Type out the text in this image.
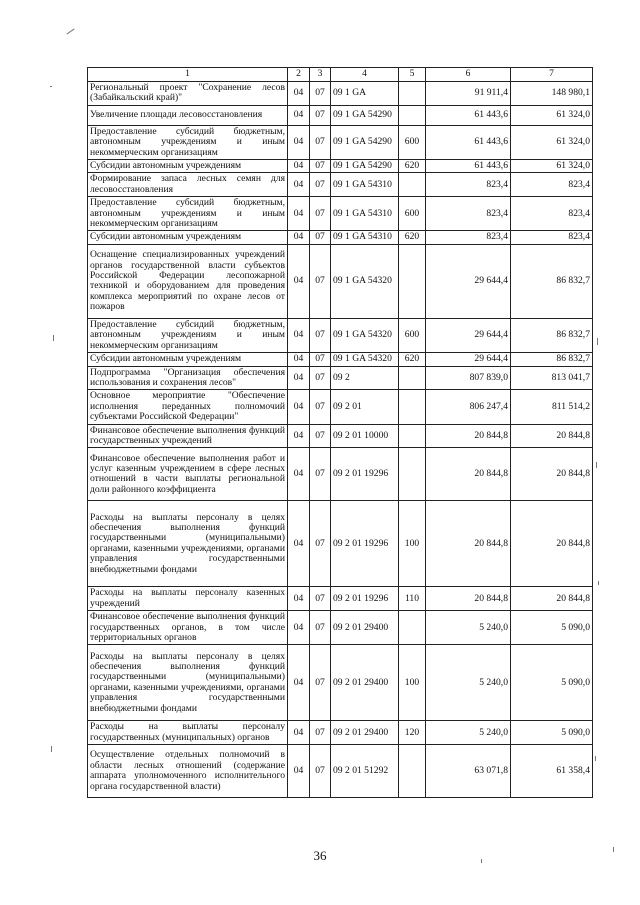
1	2	3	4	5	6	7
Региональный проект "Сохранение лесов (Забайкальский край)"	04	07	09 1 GA		91 911,4	148 980,1
Увеличение площади лесовосстановления	04	07	09 1 GA 54290		61 443,6	61 324,0
Предоставление субсидий бюджетным, автономным учреждениям и иным некоммерческим организациям	04	07	09 1 GA 54290	600	61 443,6	61 324,0
Субсидии автономным учреждениям	04	07	09 1 GA 54290	620	61 443,6	61 324,0
Формирование запаса лесных семян для лесовосстановления	04	07	09 1 GA 54310		823,4	823,4
Предоставление субсидий бюджетным, автономным учреждениям и иным некоммерческим организациям	04	07	09 1 GA 54310	600	823,4	823,4
Субсидии автономным учреждениям	04	07	09 1 GA 54310	620	823,4	823,4
Оснащение специализированных учреждений органов государственной власти субъектов Российской Федерации лесопожарной техникой и оборудованием для проведения комплекса мероприятий по охране лесов от пожаров	04	07	09 1 GA 54320		29 644,4	86 832,7
Предоставление субсидий бюджетным, автономным учреждениям и иным некоммерческим организациям	04	07	09 1 GA 54320	600	29 644,4	86 832,7
Субсидии автономным учреждениям	04	07	09 1 GA 54320	620	29 644,4	86 832,7
Подпрограмма "Организация обеспечения использования и сохранения лесов"	04	07	09 2		807 839,0	813 041,7
Основное мероприятие "Обеспечение исполнения переданных полномочий субъектами Российской Федерации"	04	07	09 2 01		806 247,4	811 514,2
Финансовое обеспечение выполнения функций государственных учреждений	04	07	09 2 01 10000		20 844,8	20 844,8
Финансовое обеспечение выполнения работ и услуг казенным учреждением в сфере лесных отношений в части выплаты региональной доли районного коэффициента	04	07	09 2 01 19296		20 844,8	20 844,8
Расходы на выплаты персоналу в целях обеспечения выполнения функций государственными (муниципальными) органами, казенными учреждениями, органами управления государственными внебюджетными фондами	04	07	09 2 01 19296	100	20 844,8	20 844,8
Расходы на выплаты персоналу казенных учреждений	04	07	09 2 01 19296	110	20 844,8	20 844,8
Финансовое обеспечение выполнения функций государственных органов, в том числе территориальных органов	04	07	09 2 01 29400		5 240,0	5 090,0
Расходы на выплаты персоналу в целях обеспечения выполнения функций государственными (муниципальными) органами, казенными учреждениями, органами управления государственными внебюджетными фондами	04	07	09 2 01 29400	100	5 240,0	5 090,0
Расходы на выплаты персоналу государственных (муниципальных) органов	04	07	09 2 01 29400	120	5 240,0	5 090,0
Осуществление отдельных полномочий в области лесных отношений (содержание аппарата уполномоченного исполнительного органа государственной власти)	04	07	09 2 01 51292		63 071,8	61 358,4
36
